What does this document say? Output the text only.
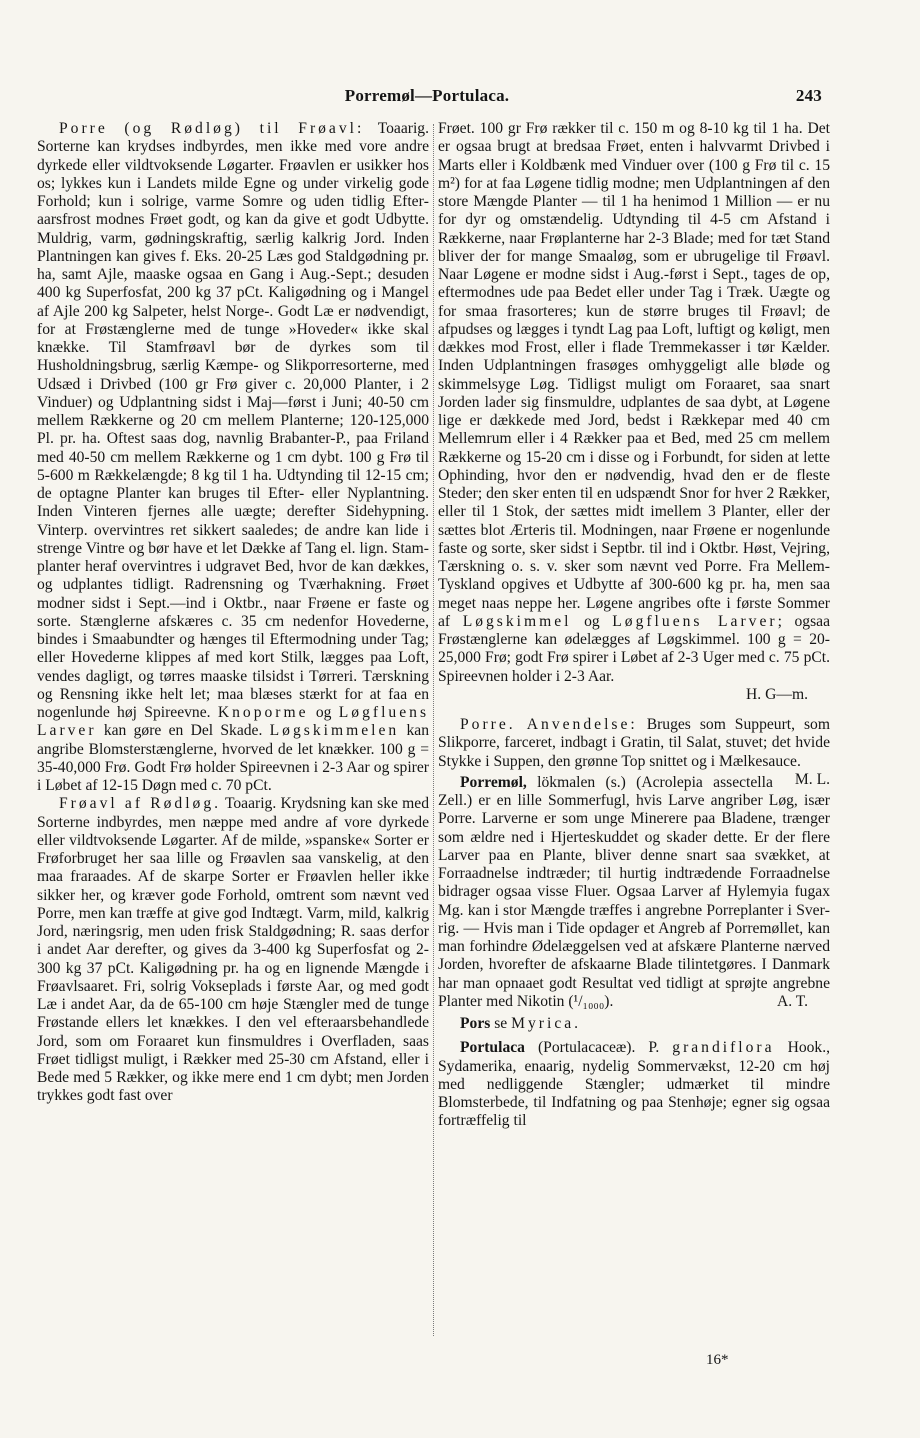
Porremøl—Portulaca.	243

Porre (og Rødløg) til Frøavl: Toaarig. Sorterne kan krydses indbyrdes, men ikke med vore andre dyrkede eller vildtvoksende Løgarter. Frøavlen er usikker hos os; lykkes kun i Landets milde Egne og under virkelig gode Forhold; kun i solrige, varme Somre og uden tidlig Efteraarsfrost modnes Frøet godt, og kan da give et godt Udbytte. Muldrig, varm, gødningskraftig, særlig kalkrig Jord. Inden Plantningen kan gives f. Eks. 20-25 Læs god Staldgødning pr. ha, samt Ajle, maaske ogsaa en Gang i Aug.-Sept.; desuden 400 kg Superfosfat, 200 kg 37 pCt. Kaligødning og i Mangel af Ajle 200 kg Salpeter, helst Norge-. Godt Læ er nødvendigt, for at Frøstænglerne med de tunge »Hoveder« ikke skal knække. Til Stamfrøavl bør de dyrkes som til Husholdningsbrug, særlig Kæmpe- og Slikporresorterne, med Udsæd i Drivbed (100 gr Frø giver c. 20,000 Planter, i 2 Vinduer) og Udplantning sidst i Maj—først i Juni; 40-50 cm mellem Rækkerne og 20 cm mellem Planterne; 120-125,000 Pl. pr. ha. Oftest saas dog, navnlig Brabanter-P., paa Friland med 40-50 cm mellem Rækkerne og 1 cm dybt. 100 g Frø til 5-600 m Rækkelængde; 8 kg til 1 ha. Udtynding til 12-15 cm; de optagne Planter kan bruges til Efter- eller Nyplantning. Inden Vinteren fjernes alle uægte; derefter Sidehypning. Vinterp. overvintres ret sikkert saaledes; de andre kan lide i strenge Vintre og bør have et let Dække af Tang el. lign. Stamplanter heraf overvintres i udgravet Bed, hvor de kan dækkes, og udplantes tidligt. Radrensning og Tværhakning. Frøet modner sidst i Sept.—ind i Oktbr., naar Frøene er faste og sorte. Stænglerne afskæres c. 35 cm nedenfor Hovederne, bindes i Smaabundter og hænges til Eftermodning under Tag; eller Hovederne klippes af med kort Stilk, lægges paa Loft, vendes dagligt, og tørres maaske tilsidst i Tørreri. Tærskning og Rensning ikke helt let; maa blæses stærkt for at faa en nogenlunde høj Spireevne. Knoporme og Løgfluens Larver kan gøre en Del Skade. Løgskimmelen kan angribe Blomsterstænglerne, hvorved de let knækker. 100 g = 35-40,000 Frø. Godt Frø holder Spireevnen i 2-3 Aar og spirer i Løbet af 12-15 Døgn med c. 70 pCt.

Frøavl af Rødløg. Toaarig. Krydsning kan ske med Sorterne indbyrdes, men næppe med andre af vore dyrkede eller vildtvoksende Løgarter. Af de milde, »spanske« Sorter er Frøforbruget her saa lille og Frøavlen saa vanskelig, at den maa fraraades. Af de skarpe Sorter er Frøavlen heller ikke sikker her, og kræver gode Forhold, omtrent som nævnt ved Porre, men kan træffe at give god Indtægt. Varm, mild, kalkrig Jord, næringsrig, men uden frisk Staldgødning; R. saas derfor i andet Aar derefter, og gives da 3-400 kg Superfosfat og 2-300 kg 37 pCt. Kaligødning pr. ha og en lignende Mængde i Frøavlsaaret. Fri, solrig Vokseplads i første Aar, og med godt Læ i andet Aar, da de 65-100 cm høje Stængler med de tunge Frøstande ellers let knækkes. I den vel efteraarsbehandlede Jord, som om Foraaret kun finsmuldres i Overfladen, saas Frøet tidligst muligt, i Rækker med 25-30 cm Afstand, eller i Bede med 5 Rækker, og ikke mere end 1 cm dybt; men Jorden trykkes godt fast over

Frøet. 100 gr Frø rækker til c. 150 m og 8-10 kg til 1 ha. Det er ogsaa brugt at bredsaa Frøet, enten i halvvarmt Drivbed i Marts eller i Koldbænk med Vinduer over (100 g Frø til c. 15 m²) for at faa Løgene tidlig modne; men Udplantningen af den store Mængde Planter — til 1 ha henimod 1 Million — er nu for dyr og omstændelig. Udtynding til 4-5 cm Afstand i Rækkerne, naar Frøplanterne har 2-3 Blade; med for tæt Stand bliver der for mange Smaaløg, som er ubrugelige til Frøavl. Naar Løgene er modne sidst i Aug.-først i Sept., tages de op, eftermodnes ude paa Bedet eller under Tag i Træk. Uægte og for smaa frasorteres; kun de større bruges til Frøavl; de afpudses og lægges i tyndt Lag paa Loft, luftigt og køligt, men dækkes mod Frost, eller i flade Tremmekasser i tør Kælder. Inden Udplantningen frasøges omhyggeligt alle bløde og skimmelsyge Løg. Tidligst muligt om Foraaret, saa snart Jorden lader sig finsmuldre, udplantes de saa dybt, at Løgene lige er dækkede med Jord, bedst i Rækkepar med 40 cm Mellemrum eller i 4 Rækker paa et Bed, med 25 cm mellem Rækkerne og 15-20 cm i disse og i Forbundt, for siden at lette Ophinding, hvor den er nødvendig, hvad den er de fleste Steder; den sker enten til en udspændt Snor for hver 2 Rækker, eller til 1 Stok, der sættes midt imellem 3 Planter, eller der sættes blot Ærteris til. Modningen, naar Frøene er nogenlunde faste og sorte, sker sidst i Septbr. til ind i Oktbr. Høst, Vejring, Tærskning o. s. v. sker som nævnt ved Porre. Fra MellemTyskland opgives et Udbytte af 300-600 kg pr. ha, men saa meget naas neppe her. Løgene angribes ofte i første Sommer af Løgskimmel og Løgfluens Larver; ogsaa Frøstænglerne kan ødelægges af Løgskimmel. 100 g = 20-25,000 Frø; godt Frø spirer i Løbet af 2-3 Uger med c. 75 pCt. Spireevnen holder i 2-3 Aar.

H. G—m.

Porre. Anvendelse: Bruges som Suppeurt, som Slikporre, farceret, indbagt i Gratin, til Salat, stuvet; det hvide Stykke i Suppen, den grønne Top snittet og i Mælkesauce.
M. L.

Porremøl, lökmalen (s.) (Acrolepia assectella Zell.) er en lille Sommerfugl, hvis Larve angriber Løg, især Porre. Larverne er som unge Minerere paa Bladene, trænger som ældre ned i Hjerteskuddet og skader dette. Er der flere Larver paa en Plante, bliver denne snart saa svækket, at Forraadnelse indtræder; til hurtig indtrædende Forraadnelse bidrager ogsaa visse Fluer. Ogsaa Larver af Hylemyia fugax Mg. kan i stor Mængde træffes i angrebne Porreplanter i Sverrig. — Hvis man i Tide opdager et Angreb af Porremøllet, kan man forhindre Ødelæggelsen ved at afskære Planterne nærved Jorden, hvorefter de afskaarne Blade tilintetgøres. I Danmark har man opnaaet godt Resultat ved tidligt at sprøjte angrebne Planter med Nikotin (¹/₁₀₀₀).	A. T.

Pors se Myrica.

Portulaca (Portulacaceæ). P. grandiflora Hook., Sydamerika, enaarig, nydelig Sommervækst, 12-20 cm høj med nedliggende Stængler; udmærket til mindre Blomsterbede, til Indfatning og paa Stenhøje; egner sig ogsaa fortræffelig til

16*
